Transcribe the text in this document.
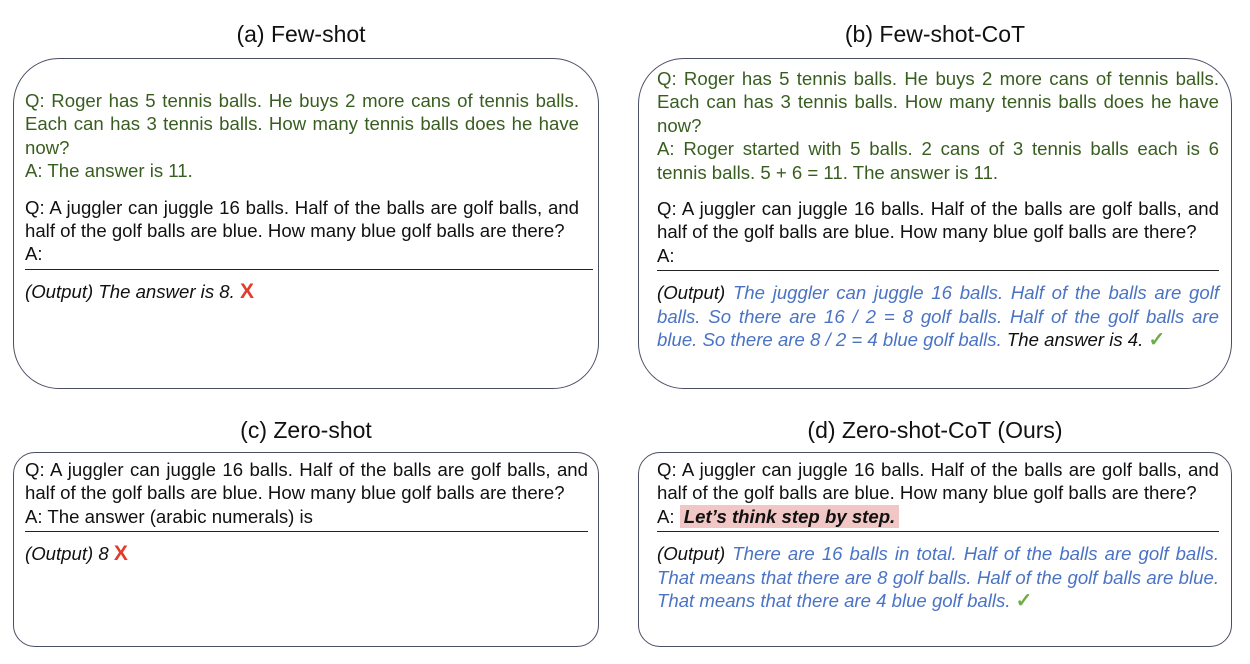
(a) Few-shot
Q: Roger has 5 tennis balls. He buys 2 more cans of tennis balls. Each can has 3 tennis balls. How many tennis balls does he have now?
A: The answer is 11.
Q: A juggler can juggle 16 balls. Half of the balls are golf balls, and half of the golf balls are blue. How many blue golf balls are there?
A:
(Output) The answer is 8. X
(b) Few-shot-CoT
Q: Roger has 5 tennis balls. He buys 2 more cans of tennis balls. Each can has 3 tennis balls. How many tennis balls does he have now?
A: Roger started with 5 balls. 2 cans of 3 tennis balls each is 6 tennis balls. 5 + 6 = 11. The answer is 11.
Q: A juggler can juggle 16 balls. Half of the balls are golf balls, and half of the golf balls are blue. How many blue golf balls are there?
A:
(Output) The juggler can juggle 16 balls. Half of the balls are golf balls. So there are 16 / 2 = 8 golf balls. Half of the golf balls are blue. So there are 8 / 2 = 4 blue golf balls. The answer is 4. ✓
(c) Zero-shot
Q: A juggler can juggle 16 balls. Half of the balls are golf balls, and half of the golf balls are blue. How many blue golf balls are there?
A: The answer (arabic numerals) is
(Output) 8 X
(d) Zero-shot-CoT (Ours)
Q: A juggler can juggle 16 balls. Half of the balls are golf balls, and half of the golf balls are blue. How many blue golf balls are there?
A: Let’s think step by step.
(Output) There are 16 balls in total. Half of the balls are golf balls. That means that there are 8 golf balls. Half of the golf balls are blue. That means that there are 4 blue golf balls. ✓
